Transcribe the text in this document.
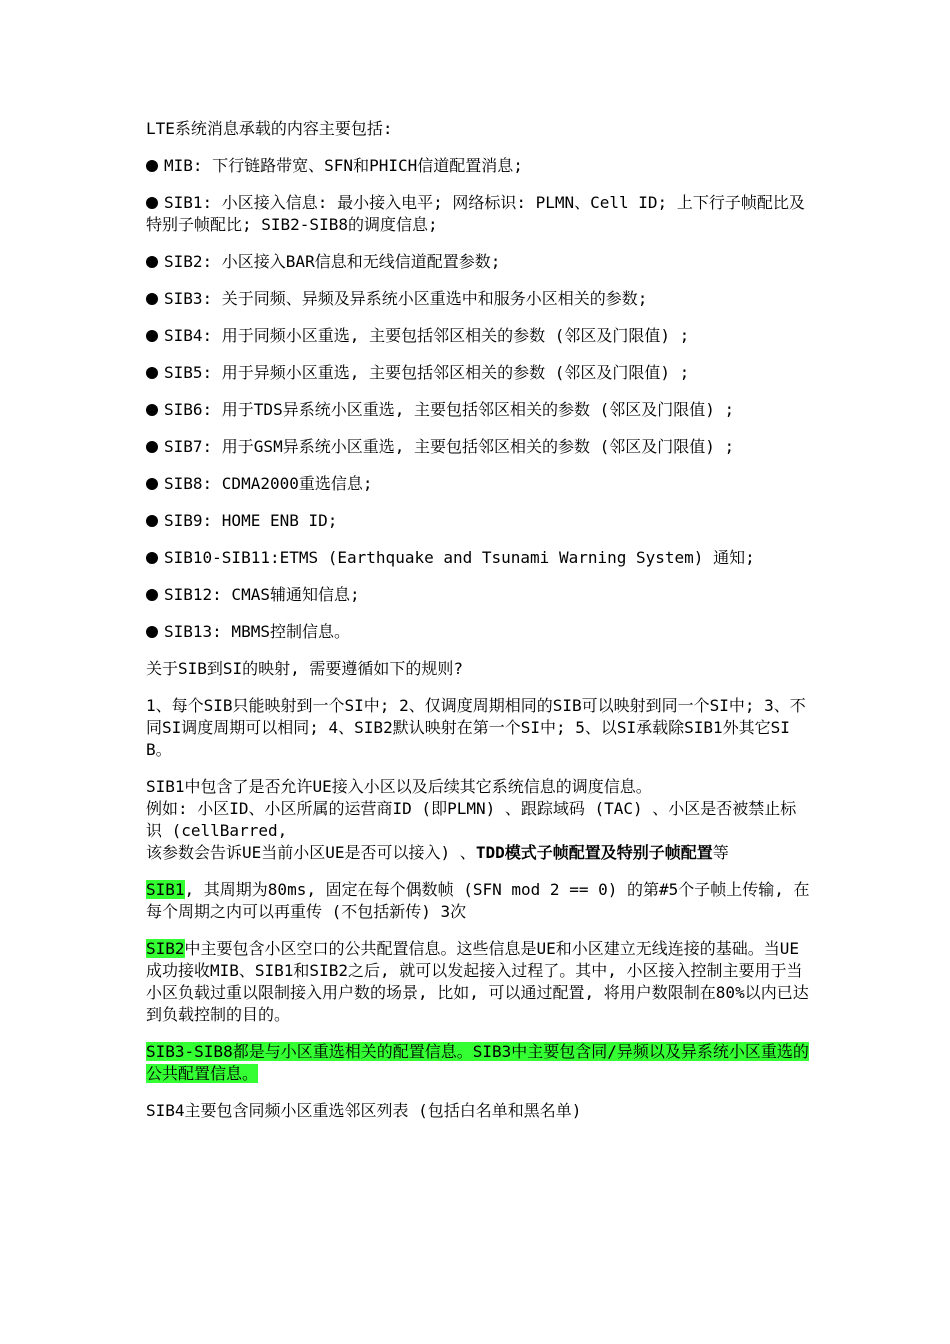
LTE系统消息承载的内容主要包括:

MIB: 下行链路带宽、SFN和PHICH信道配置消息;

SIB1: 小区接入信息: 最小接入电平; 网络标识: PLMN、Cell ID; 上下行子帧配比及特别子帧配比; SIB2-SIB8的调度信息;

SIB2: 小区接入BAR信息和无线信道配置参数;

SIB3: 关于同频、异频及异系统小区重选中和服务小区相关的参数;

SIB4: 用于同频小区重选, 主要包括邻区相关的参数 (邻区及门限值) ;

SIB5: 用于异频小区重选, 主要包括邻区相关的参数 (邻区及门限值) ;

SIB6: 用于TDS异系统小区重选, 主要包括邻区相关的参数 (邻区及门限值) ;

SIB7: 用于GSM异系统小区重选, 主要包括邻区相关的参数 (邻区及门限值) ;

SIB8: CDMA2000重选信息;

SIB9: HOME ENB ID;

SIB10-SIB11:ETMS (Earthquake and Tsunami Warning System) 通知;

SIB12: CMAS辅通知信息;

SIB13: MBMS控制信息。

关于SIB到SI的映射, 需要遵循如下的规则?

1、每个SIB只能映射到一个SI中; 2、仅调度周期相同的SIB可以映射到同一个SI中; 3、不同SI调度周期可以相同; 4、SIB2默认映射在第一个SI中; 5、以SI承载除SIB1外其它SIB。

SIB1中包含了是否允许UE接入小区以及后续其它系统信息的调度信息。
例如: 小区ID、小区所属的运营商ID (即PLMN) 、跟踪域码 (TAC) 、小区是否被禁止标识 (cellBarred,
该参数会告诉UE当前小区UE是否可以接入) 、TDD模式子帧配置及特别子帧配置等

SIB1, 其周期为80ms, 固定在每个偶数帧 (SFN mod 2 == 0) 的第#5个子帧上传输, 在每个周期之内可以再重传 (不包括新传) 3次

SIB2中主要包含小区空口的公共配置信息。这些信息是UE和小区建立无线连接的基础。当UE成功接收MIB、SIB1和SIB2之后, 就可以发起接入过程了。其中, 小区接入控制主要用于当小区负载过重以限制接入用户数的场景, 比如, 可以通过配置, 将用户数限制在80%以内已达到负载控制的目的。

SIB3-SIB8都是与小区重选相关的配置信息。SIB3中主要包含同/异频以及异系统小区重选的公共配置信息。

SIB4主要包含同频小区重选邻区列表 (包括白名单和黑名单)
